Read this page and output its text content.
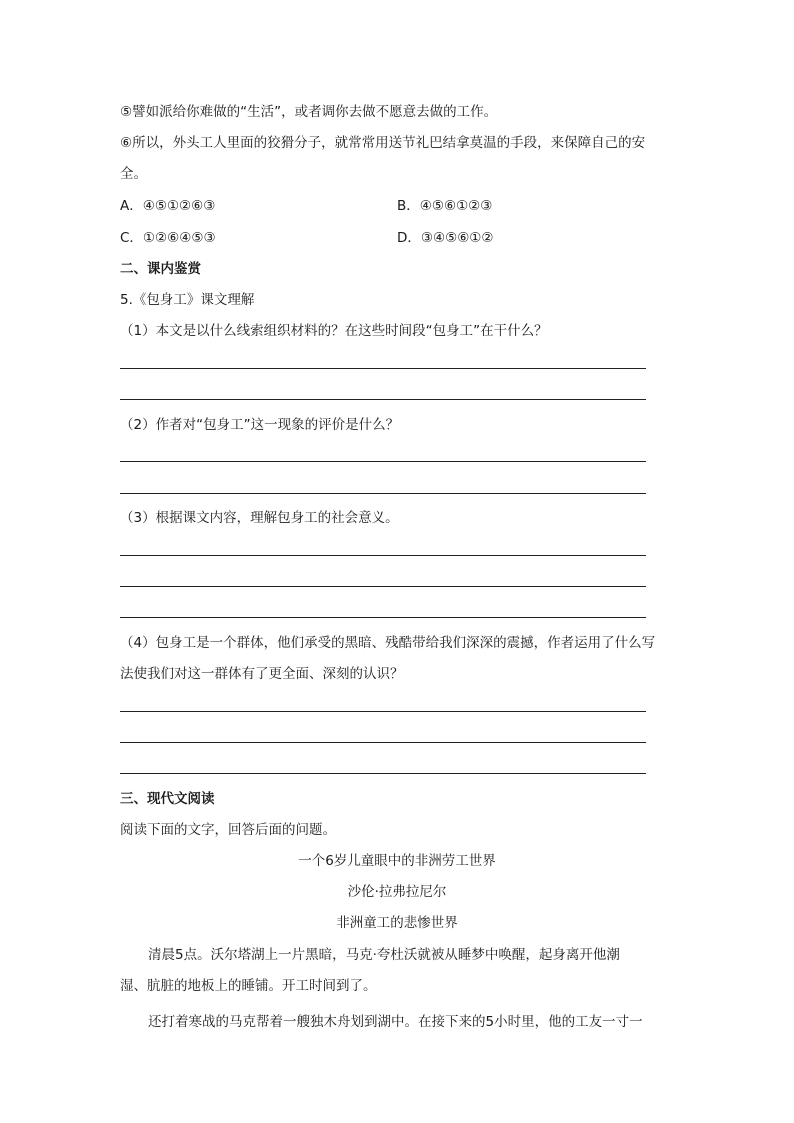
⑤譬如派给你难做的“生活”，或者调你去做不愿意去做的工作。
⑥所以，外头工人里面的狡猾分子，就常常用送节礼巴结拿莫温的手段，来保障自己的安
全。
A．④⑤①②⑥③	B．④⑤⑥①②③
C．①②⑥④⑤③	D．③④⑤⑥①②
二、课内鉴赏
5.《包身工》课文理解
（1）本文是以什么线索组织材料的？在这些时间段“包身工”在干什么？
（2）作者对“包身工”这一现象的评价是什么？
（3）根据课文内容，理解包身工的社会意义。
（4）包身工是一个群体，他们承受的黑暗、残酷带给我们深深的震撼，作者运用了什么写
法使我们对这一群体有了更全面、深刻的认识？
三、现代文阅读
阅读下面的文字，回答后面的问题。
一个6岁儿童眼中的非洲劳工世界
沙伦·拉弗拉尼尔
非洲童工的悲惨世界
清晨5点。沃尔塔湖上一片黑暗，马克·夸杜沃就被从睡梦中唤醒，起身离开他潮
湿、肮脏的地板上的睡铺。开工时间到了。
还打着寒战的马克帮着一艘独木舟划到湖中。在接下来的5小时里，他的工友一寸一
